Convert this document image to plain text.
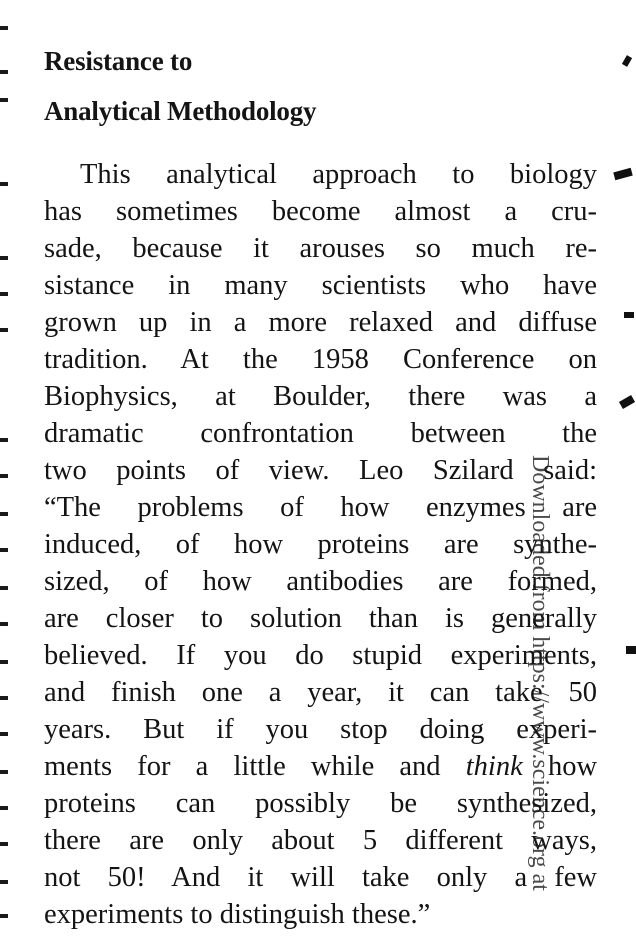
Resistance to
Analytical Methodology
This analytical approach to biology
has sometimes become almost a cru-
sade, because it arouses so much re-
sistance in many scientists who have
grown up in a more relaxed and diffuse
tradition. At the 1958 Conference on
Biophysics, at Boulder, there was a
dramatic confrontation between the
two points of view. Leo Szilard said:
“The problems of how enzymes are
induced, of how proteins are synthe-
sized, of how antibodies are formed,
are closer to solution than is generally
believed. If you do stupid experiments,
and finish one a year, it can take 50
years. But if you stop doing experi-
ments for a little while and think how
proteins can possibly be synthesized,
there are only about 5 different ways,
not 50! And it will take only a few
experiments to distinguish these.”
Downloaded from https://www.science.org at
